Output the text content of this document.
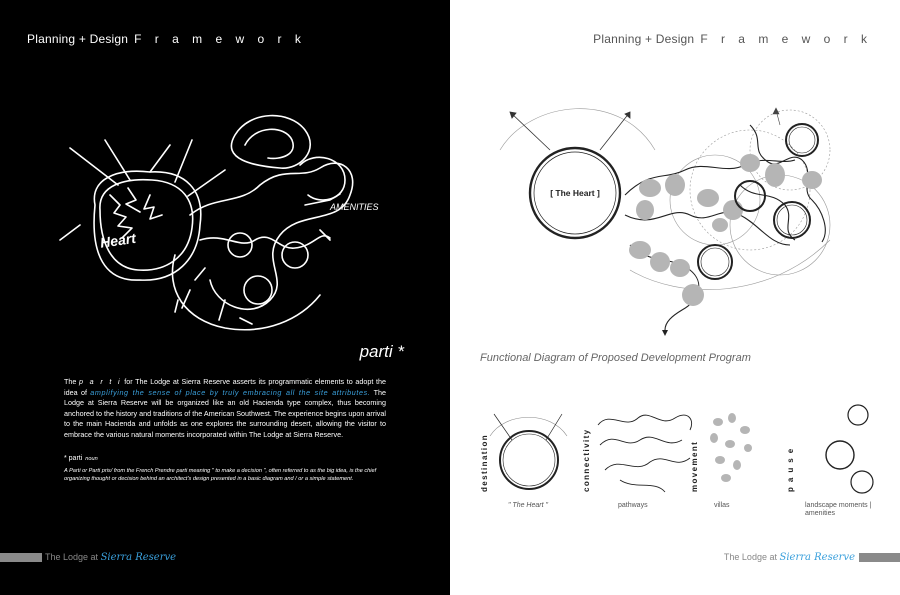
Planning + Design F r a m e w o r k
Heart
AMENITIES
parti *
The p a r t i for The Lodge at Sierra Reserve asserts its programmatic elements to adopt the idea of amplifying the sense of place by truly embracing all the site attributes. The Lodge at Sierra Reserve will be organized like an old Hacienda type complex, thus becoming anchored to the history and traditions of the American Southwest. The experience begins upon arrival to the main Hacienda and unfolds as one explores the surrounding desert, allowing the visitor to embrace the various natural moments incorporated within The Lodge at Sierra Reserve.
* parti noun
A Parti or Parti pris/ from the French Prendre parti meaning " to make a decision ", often referred to as the big idea, is the chief organizing thought or decision behind an architect's design presented in a basic diagram and / or a simple statement.
The Lodge at Sierra Reserve
Planning + Design F r a m e w o r k
[ The Heart ]
Functional Diagram of Proposed Development Program
destination	connectivity	movement	p a u s e
" The Heart "	pathways	villas	landscape moments | amenities
The Lodge at Sierra Reserve
